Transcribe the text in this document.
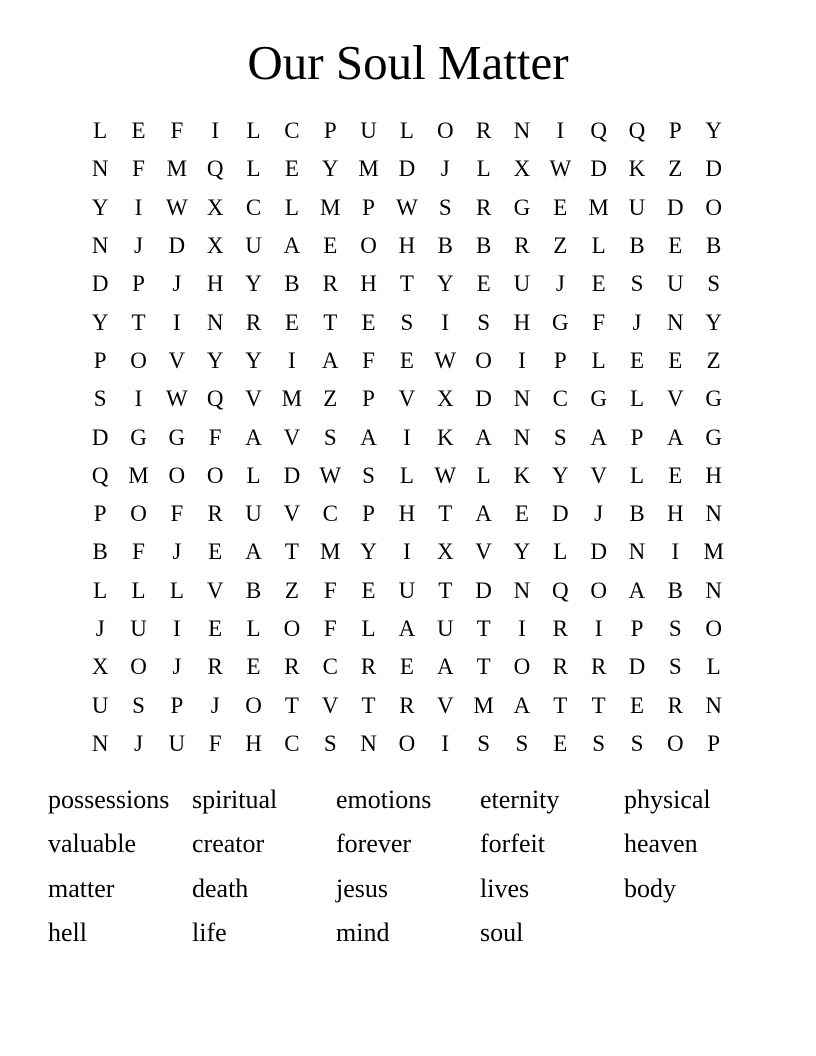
Our Soul Matter
L	E	F	I	L	C	P	U	L	O R N	I	Q Q	P	Y
N	F M Q	L	E	Y M D	J	L	X W D K	Z	D
Y	I	W X C	L M P W S	R G	E M U D O
N	J	D X U A	E	O H B	B	R	Z	L	B	E	B
D	P	J	H Y B	R H	T	Y	E	U	J	E	S	U	S
Y	T	I	N R	E	T	E	S	I	S	H G	F	J	N Y
P	O V Y Y	I	A	F	E W O	I	P	L	E	E	Z
S	I	W Q V M Z	P	V X D N C G	L	V G
D G G	F	A V	S	A	I	K A N	S	A	P	A G
Q M O O	L	D W S	L W L	K Y V	L	E	H
P	O	F	R U V C	P	H	T	A	E	D	J	B H N
B	F	J	E	A	T M Y	I	X V Y	L	D N	I	M
L	L	L	V B	Z	F	E	U	T	D N Q O A B N
J	U	I	E	L	O	F	L	A U	T	I	R	I	P	S	O
X O	J	R	E	R	C	R	E	A	T	O R	R D	S	L
U	S	P	J	O	T	V	T	R V M A	T	T	E	R N
N	J	U	F	H C	S	N O	I	S	S	E	S	S	O	P
possessions spiritual	emotions	eternity	physical
valuable	creator	forever	forfeit	heaven
matter	death	jesus	lives	body
hell	life	mind	soul
